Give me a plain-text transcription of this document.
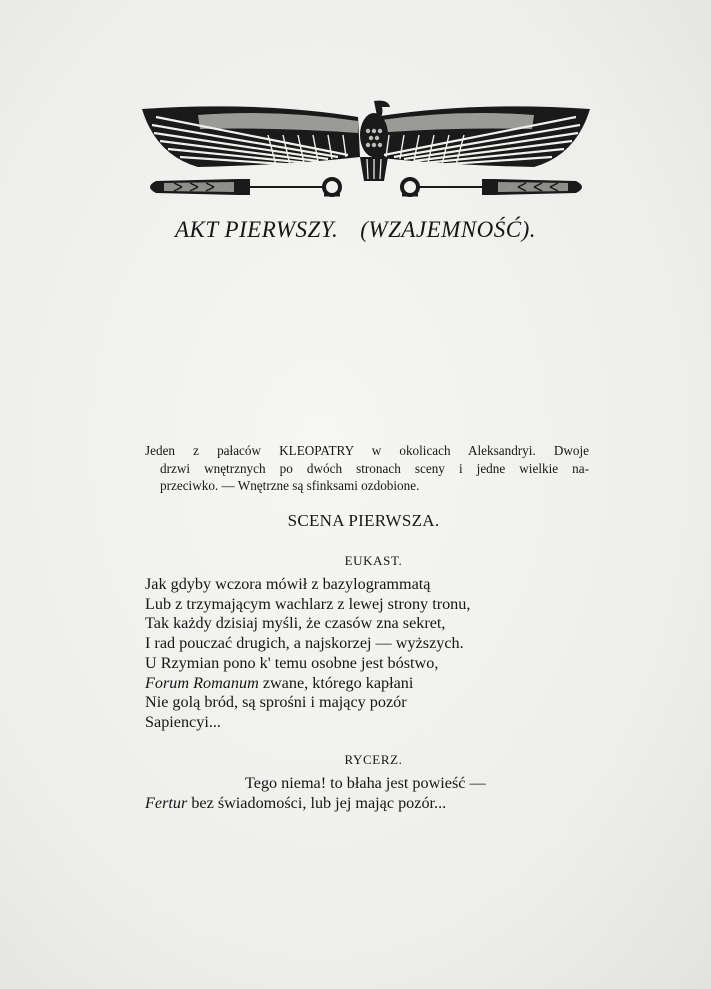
AKT PIERWSZY. (WZAJEMNOŚĆ).
Jeden z pałaców KLEOPATRY w okolicach Aleksandryi. Dwoje
drzwi wnętrznych po dwóch stronach sceny i jedne wielkie na-
przeciwko. — Wnętrzne są sfinksami ozdobione.
SCENA PIERWSZA.
EUKAST.
Jak gdyby wczora mówił z bazylogrammatą
Lub z trzymającym wachlarz z lewej strony tronu,
Tak każdy dzisiaj myśli, że czasów zna sekret,
I rad pouczać drugich, a najskorzej — wyższych.
U Rzymian pono k' temu osobne jest bóstwo,
Forum Romanum zwane, którego kapłani
Nie golą bród, są sprośni i mający pozór
Sapiencyi...
RYCERZ.
Tego niema! to błaha jest powieść —
Fertur bez świadomości, lub jej mając pozór...
